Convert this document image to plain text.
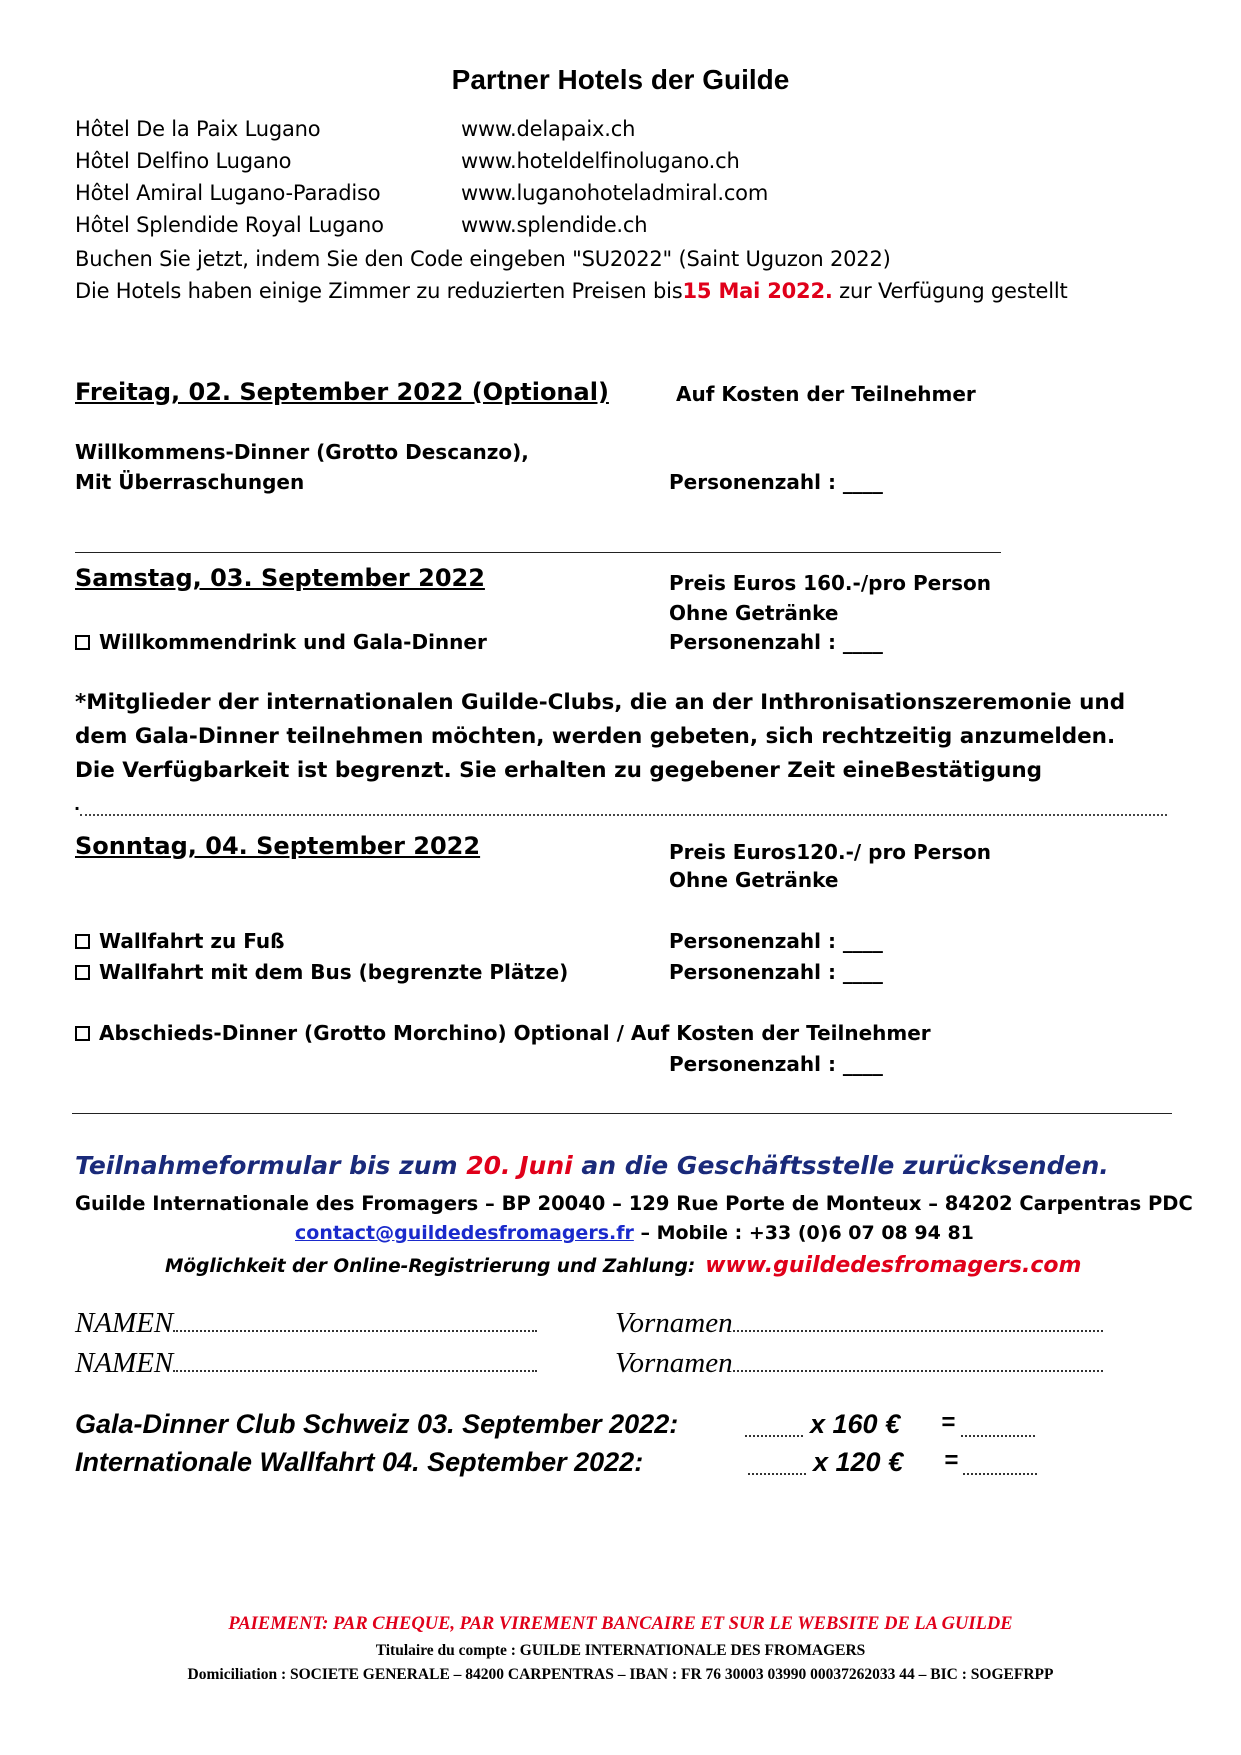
Partner Hotels der Guilde
Hôtel De la Paix Lugano	www.delapaix.ch
Hôtel Delfino Lugano	www.hoteldelfinolugano.ch
Hôtel Amiral Lugano-Paradiso	www.luganohoteladmiral.com
Hôtel Splendide Royal Lugano	www.splendide.ch
Buchen Sie jetzt, indem Sie den Code eingeben "SU2022" (Saint Uguzon 2022)
Die Hotels haben einige Zimmer zu reduzierten Preisen bis15 Mai 2022. zur Verfügung gestellt
Freitag, 02. September 2022 (Optional)	Auf Kosten der Teilnehmer
Willkommens-Dinner (Grotto Descanzo),
Mit Überraschungen	Personenzahl : ____
Samstag, 03. September 2022	Preis Euros 160.-/pro Person
Ohne Getränke
Willkommendrink und Gala-Dinner	Personenzahl : ____
*Mitglieder der internationalen Guilde-Clubs, die an der Inthronisationszeremonie und
dem Gala-Dinner teilnehmen möchten, werden gebeten, sich rechtzeitig anzumelden.
Die Verfügbarkeit ist begrenzt. Sie erhalten zu gegebener Zeit eineBestätigung
.
Sonntag, 04. September 2022	Preis Euros120.-/ pro Person
Ohne Getränke
Wallfahrt zu Fuß	Personenzahl : ____
Wallfahrt mit dem Bus (begrenzte Plätze)	Personenzahl : ____
Abschieds-Dinner (Grotto Morchino) Optional / Auf Kosten der Teilnehmer
Personenzahl : ____
Teilnahmeformular bis zum 20. Juni an die Geschäftsstelle zurücksenden.
Guilde Internationale des Fromagers – BP 20040 – 129 Rue Porte de Monteux – 84202 Carpentras PDC
contact@guildedesfromagers.fr – Mobile : +33 (0)6 07 08 94 81
Möglichkeit der Online-Registrierung und Zahlung: www.guildedesfromagers.com
NAMEN	Vornamen
NAMEN	Vornamen
Gala-Dinner Club Schweiz 03. September 2022:	x 160 € =
Internationale Wallfahrt 04. September 2022:	x 120 € =
PAIEMENT: PAR CHEQUE, PAR VIREMENT BANCAIRE ET SUR LE WEBSITE DE LA GUILDE
Titulaire du compte : GUILDE INTERNATIONALE DES FROMAGERS
Domiciliation : SOCIETE GENERALE – 84200 CARPENTRAS – IBAN : FR 76 30003 03990 00037262033 44 – BIC : SOGEFRPP
